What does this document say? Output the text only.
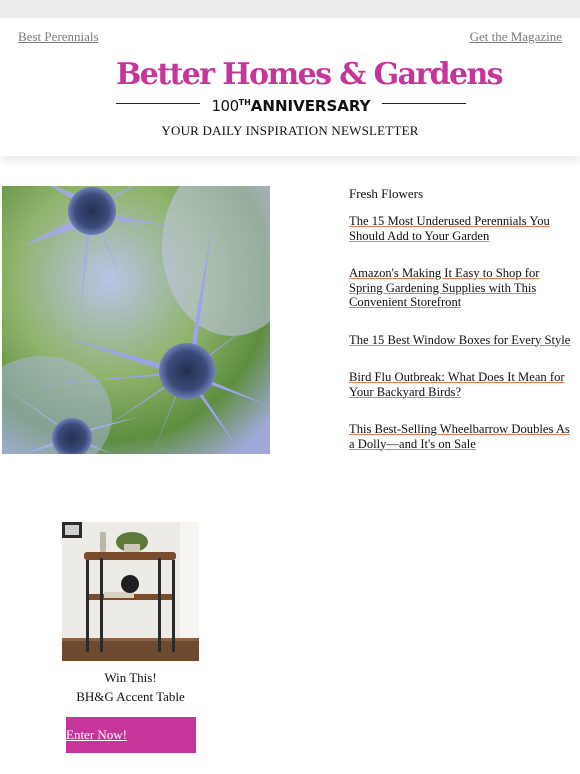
Best Perennials	Get the Magazine
Better Homes & Gardens
100THANNIVERSARY
YOUR DAILY INSPIRATION NEWSLETTER
Fresh Flowers
The 15 Most Underused Perennials You Should Add to Your Garden
Amazon's Making It Easy to Shop for Spring Gardening Supplies with This Convenient Storefront
The 15 Best Window Boxes for Every Style
Bird Flu Outbreak: What Does It Mean for Your Backyard Birds?
This Best-Selling Wheelbarrow Doubles As a Dolly—and It's on Sale
Win This!
BH&G Accent Table
Enter Now!
